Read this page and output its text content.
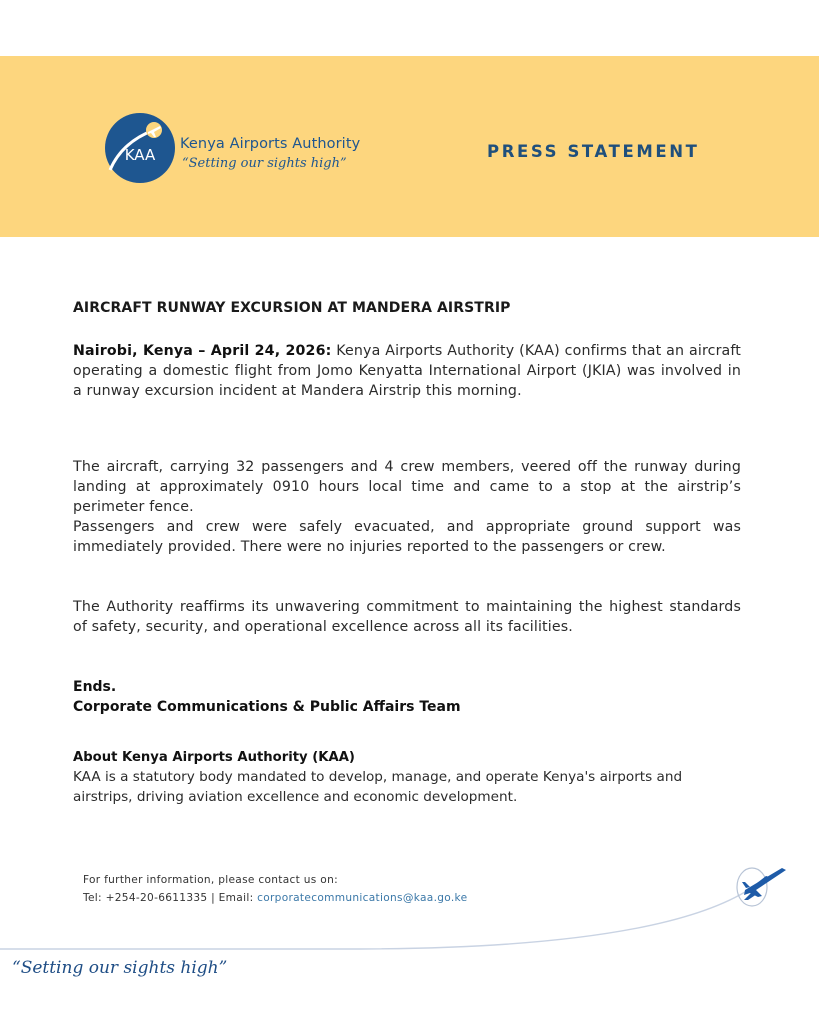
KAA
Kenya Airports Authority
“Setting our sights high”
PRESS STATEMENT
AIRCRAFT RUNWAY EXCURSION AT MANDERA AIRSTRIP

Nairobi, Kenya – April 24, 2026: Kenya Airports Authority (KAA) confirms that an aircraft operating a domestic flight from Jomo Kenyatta International Airport (JKIA) was involved in a runway excursion incident at Mandera Airstrip this morning.

The aircraft, carrying 32 passengers and 4 crew members, veered off the runway during landing at approximately 0910 hours local time and came to a stop at the airstrip’s perimeter fence.

Passengers and crew were safely evacuated, and appropriate ground support was immediately provided. There were no injuries reported to the passengers or crew.

The Authority reaffirms its unwavering commitment to maintaining the highest standards of safety, security, and operational excellence across all its facilities.

Ends.
Corporate Communications & Public Affairs Team
About Kenya Airports Authority (KAA)

KAA is a statutory body mandated to develop, manage, and operate Kenya's airports and airstrips, driving aviation excellence and economic development.

For further information, please contact us on:
Tel: +254-20-6611335 | Email: corporatecommunications@kaa.go.ke
“Setting our sights high”
